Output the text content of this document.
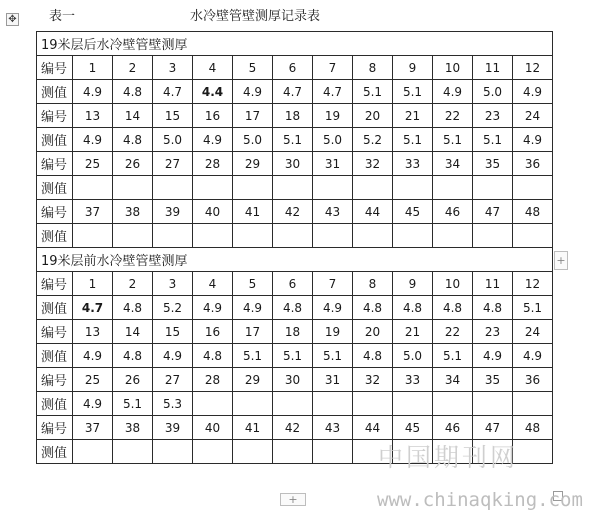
✥ 表一	水冷壁管壁测厚记录表
19米层后水冷壁管壁测厚												
编号	1	2	3	4	5	6	7	8	9	10	11	12
测值	4.9	4.8	4.7	4.4	4.9	4.7	4.7	5.1	5.1	4.9	5.0	4.9
编号	13	14	15	16	17	18	19	20	21	22	23	24
测值	4.9	4.8	5.0	4.9	5.0	5.1	5.0	5.2	5.1	5.1	5.1	4.9
编号	25	26	27	28	29	30	31	32	33	34	35	36
测值												
编号	37	38	39	40	41	42	43	44	45	46	47	48
测值												
19米层前水冷壁管壁测厚												
编号	1	2	3	4	5	6	7	8	9	10	11	12
测值	4.7	4.8	5.2	4.9	4.9	4.8	4.9	4.8	4.8	4.8	4.8	5.1
编号	13	14	15	16	17	18	19	20	21	22	23	24
测值	4.9	4.8	4.9	4.8	5.1	5.1	5.1	4.8	5.0	5.1	4.9	4.9
编号	25	26	27	28	29	30	31	32	33	34	35	36
测值	4.9	5.1	5.3									
编号	37	38	39	40	41	42	43	44	45	46	47	48
测值												
+
+
中国期刊网
www.chinaqking.com
